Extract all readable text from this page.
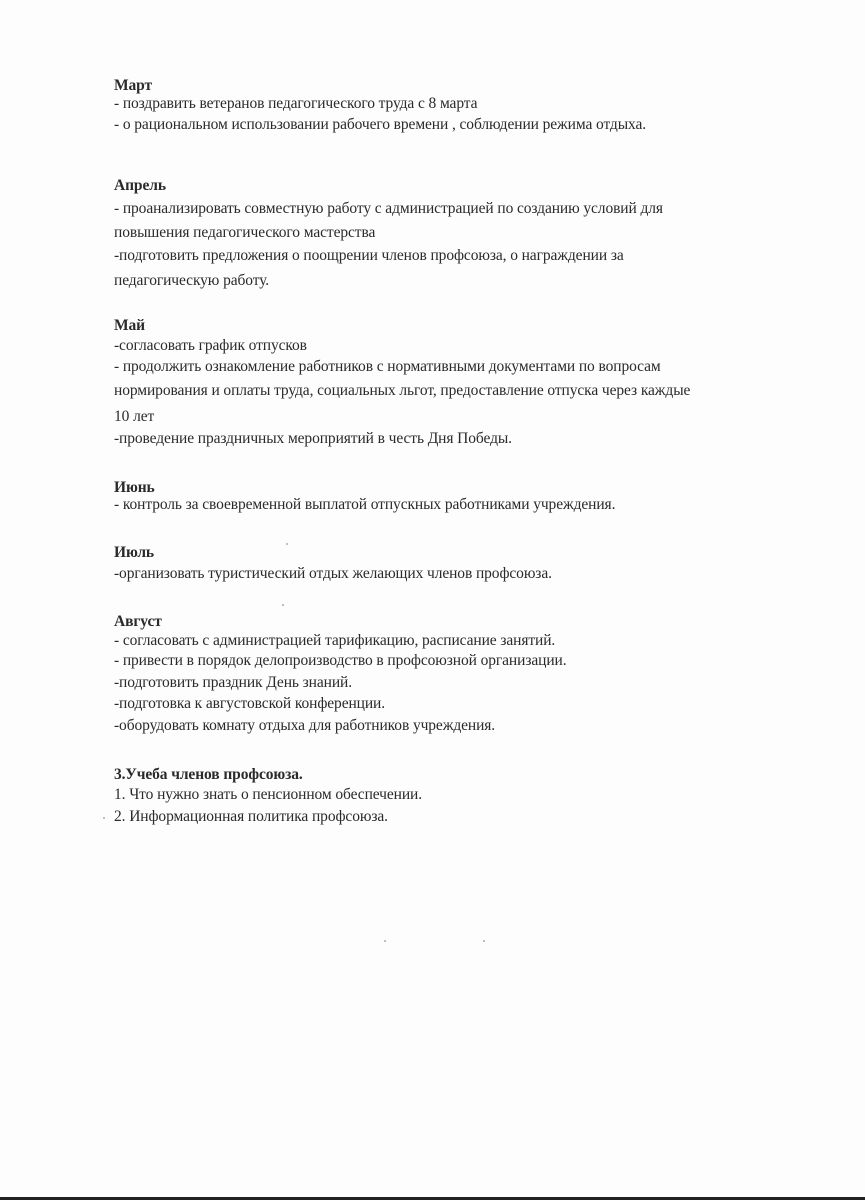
Март
- поздравить ветеранов педагогического труда с 8 марта
- о рациональном использовании рабочего времени , соблюдении режима отдыха.
Апрель
- проанализировать совместную работу с администрацией по созданию условий для
повышения педагогического мастерства
-подготовить предложения о поощрении членов профсоюза, о награждении за
педагогическую работу.
Май
-согласовать график отпусков
- продолжить ознакомление работников с нормативными документами по вопросам
нормирования и оплаты труда, социальных льгот, предоставление отпуска через каждые
10 лет
-проведение праздничных мероприятий в честь Дня Победы.
Июнь
- контроль за своевременной выплатой отпускных работниками учреждения.
Июль
-организовать туристический отдых желающих членов профсоюза.
Август
- согласовать с администрацией тарификацию, расписание занятий.
- привести в порядок делопроизводство в профсоюзной организации.
-подготовить праздник День знаний.
-подготовка к августовской конференции.
-оборудовать комнату отдыха для работников учреждения.
3.Учеба членов профсоюза.
1. Что нужно знать о пенсионном обеспечении.
2. Информационная политика профсоюза.
